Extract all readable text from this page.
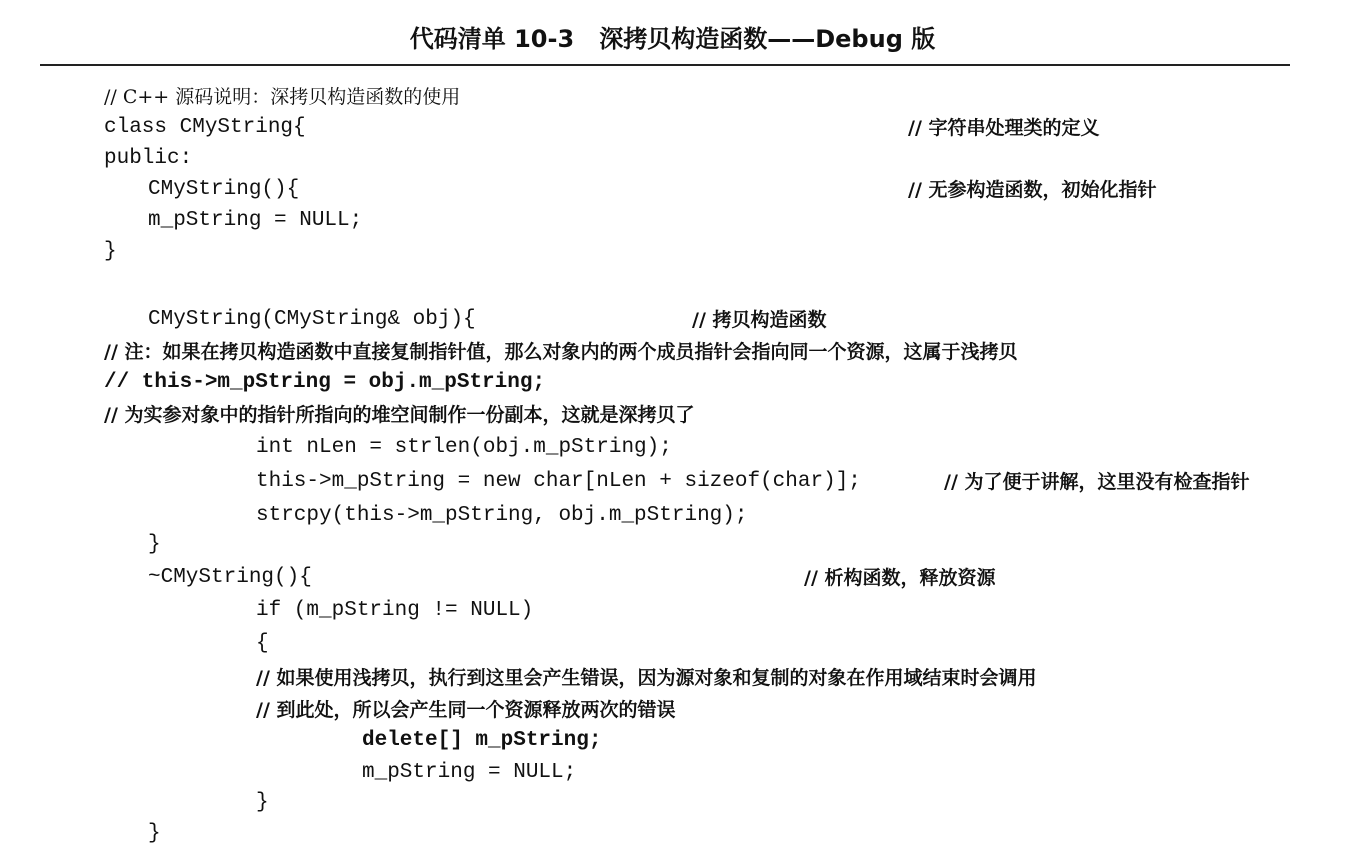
代码清单 10-3   深拷贝构造函数——Debug 版
// C++ 源码说明：深拷贝构造函数的使用
class CMyString{	// 字符串处理类的定义
public:
CMyString(){	// 无参构造函数，初始化指针
m_pString = NULL;
}
CMyString(CMyString& obj){	// 拷贝构造函数
// 注：如果在拷贝构造函数中直接复制指针值，那么对象内的两个成员指针会指向同一个资源，这属于浅拷贝
// this->m_pString = obj.m_pString;
// 为实参对象中的指针所指向的堆空间制作一份副本，这就是深拷贝了
int nLen = strlen(obj.m_pString);
this->m_pString = new char[nLen + sizeof(char)];	// 为了便于讲解，这里没有检查指针
strcpy(this->m_pString, obj.m_pString);
}
~CMyString(){	// 析构函数，释放资源
if (m_pString != NULL)
{
// 如果使用浅拷贝，执行到这里会产生错误，因为源对象和复制的对象在作用域结束时会调用
// 到此处，所以会产生同一个资源释放两次的错误
delete[] m_pString;
m_pString = NULL;
}
}
